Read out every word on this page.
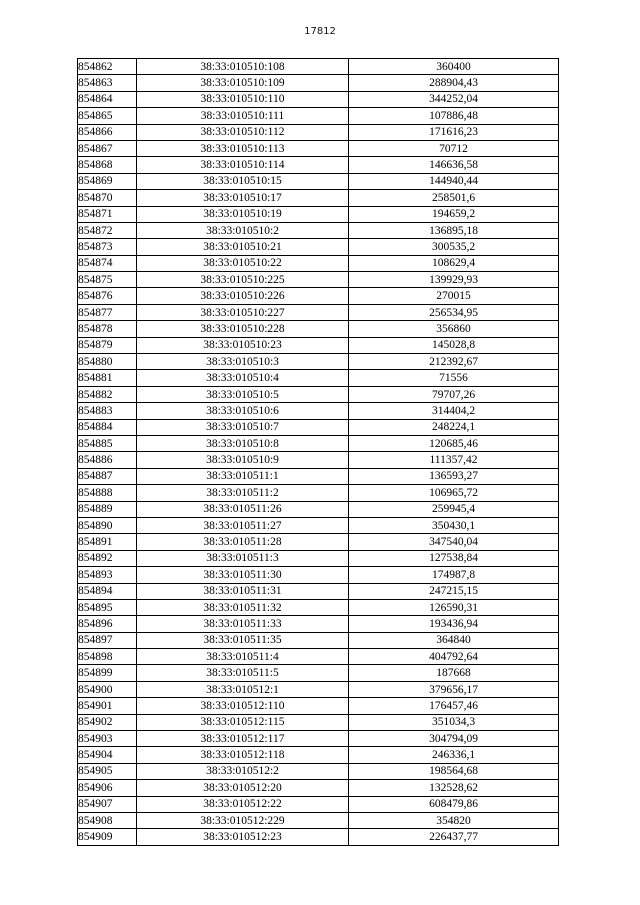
17812
854862	38:33:010510:108	360400
854863	38:33:010510:109	288904,43
854864	38:33:010510:110	344252,04
854865	38:33:010510:111	107886,48
854866	38:33:010510:112	171616,23
854867	38:33:010510:113	70712
854868	38:33:010510:114	146636,58
854869	38:33:010510:15	144940,44
854870	38:33:010510:17	258501,6
854871	38:33:010510:19	194659,2
854872	38:33:010510:2	136895,18
854873	38:33:010510:21	300535,2
854874	38:33:010510:22	108629,4
854875	38:33:010510:225	139929,93
854876	38:33:010510:226	270015
854877	38:33:010510:227	256534,95
854878	38:33:010510:228	356860
854879	38:33:010510:23	145028,8
854880	38:33:010510:3	212392,67
854881	38:33:010510:4	71556
854882	38:33:010510:5	79707,26
854883	38:33:010510:6	314404,2
854884	38:33:010510:7	248224,1
854885	38:33:010510:8	120685,46
854886	38:33:010510:9	111357,42
854887	38:33:010511:1	136593,27
854888	38:33:010511:2	106965,72
854889	38:33:010511:26	259945,4
854890	38:33:010511:27	350430,1
854891	38:33:010511:28	347540,04
854892	38:33:010511:3	127538,84
854893	38:33:010511:30	174987,8
854894	38:33:010511:31	247215,15
854895	38:33:010511:32	126590,31
854896	38:33:010511:33	193436,94
854897	38:33:010511:35	364840
854898	38:33:010511:4	404792,64
854899	38:33:010511:5	187668
854900	38:33:010512:1	379656,17
854901	38:33:010512:110	176457,46
854902	38:33:010512:115	351034,3
854903	38:33:010512:117	304794,09
854904	38:33:010512:118	246336,1
854905	38:33:010512:2	198564,68
854906	38:33:010512:20	132528,62
854907	38:33:010512:22	608479,86
854908	38:33:010512:229	354820
854909	38:33:010512:23	226437,77
